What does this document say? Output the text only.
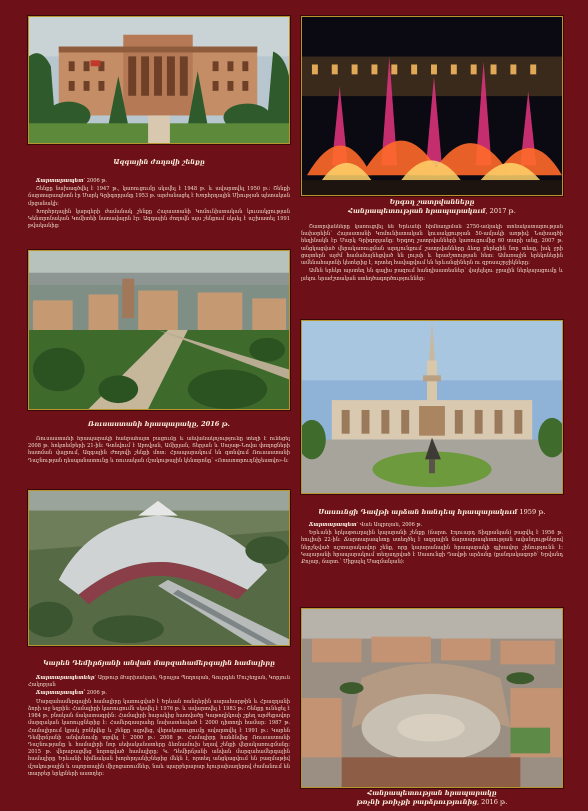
Ազգային ժողովի շենքը

Ճարտարապետ՝ 2006 թ.

Շենքը նախագծվել է 1947 թ., կառուցումը սկսվել է 1948 թ. և ավարտվել 1950 թ.: Շենքի ճարտարապետն էր Մարկ Գրիգորյանը 1953 թ. արժանացել է Խորհրդային Միության պետական մրցանակի:

Խորհրդային կարգերի ժամանակ շենքը Հայաստանի Կոմունիստական կուսակցության Կենտրոնական Կոմիտեի նստավայրն էր: Ազգային ժողովն այս շենքում սկսել է աշխատել 1991 թվականից:

Ռուսաստանի հրապարակը, 2016 թ.

Ռուսաստանի հրապարակի հանրահայտ բացումը և անվանակոչությունը տեղի է ունեցել 2008 թ. հոկտեմբերի 21-ին: Գտնվում է Աբովյան, Ամիրյան, Տերյան և Սայաթ-Նովա փողոցների հատման վայրում, Ազգային Ժողովի շենքի մոտ: Հրապարակում են գտնվում Ռուսաստանի Դաշնության դեսպանատունը և ռուսական մշակութային կենտրոնը՝ «Ռոսսոտրուդնիչեստվո»-ն:

Կարեն Դեմիրճյանի անվան մարզահամերգային համալիրը

Ճարտարապետներ՝ Արթուր Թարխանյան, Գրաչյա Պողոսյան, Գուրգեն Մուշեղյան, Կորյուն Հակոբյան

Ճարտարապետ՝ 2006 թ.

Մարզահամերգային համալիրը կառուցված է Երևան ռանդերին սարահարթին և Հրազդանի ձորի աջ եզրին: Համալիրի կառուցումն սկսվել է 1976 թ. և ավարտվել է 1983 թ.: Շենքը ունեցել է 1984 թ. բնական ճակատագրին: Համալիրի հարակից հատվածը Կաթողիկոսի շքեղ արժեքավոր մարզական կառույցներից է: Համերգասրահը նախատեսված է 2000 դիտողի համար: 1987 թ. Համալիրում կրակ բռնկվեց և շենքը այրվեց, վերակառուցումը ավարտվել է 1991 թ.: Կարեն Դեմիրճյանի անվանումը տրվել է 2000 թ.: 2008 թ. Համալիրը հանձնվեց Ռուսաստանի Դաշնությանը և համալիրի նոր սեփականատերը ձեռնամուխ եղավ շենքի վերակառուցմանը: 2015 թ. վերաբացվեց նորոգված համալիրը: Կ. Դեմիրճյանի անվան մարզահամերգային համալիրը Երևանի հիմնական խորհրդանիշներից մեկն է, որտեղ անցկացվում են բազմաթիվ մշակութային և սպորտային միջոցառումներ, նաև պարբերաբար հյուրախաղերով ժամանում են տարբեր երկրների աստղեր:

Երգող շատրվանները
Հանրապետության հրապարակում, 2017 թ.

Շատրվանները կառուցվել են Երևանի հիմնադրման 2750-ամյակի տոնակատարության նախօրեին՝ Հայաստանի Կոմունիստական կուսակցության 50-ամյակի առթիվ: Նախագծի հեղինակն էր Մարկ Գրիգորյանը: Երգող շատրվանների կառուցումից 60 տարի անց, 2007 թ. անցկացված վերակառուցման արդյունքում շատրվանները ձեռք բերեցին նոր տեսք, իսկ ջրի ցայտերն այժմ համաձայնեցված են լույսի և երաժշտության հետ: Ամառային երեկոներին ամենահայտնի կետերից է, որտեղ հավաքվում են երևանցիներն ու զբոսաշրջիկները:

Ամեն երեկո այստեղ են գալիս բազում հանդիսատեսներ՝ վայելելու ջրային ներկայացումը և լսելու երաժշտական ստեղծագործություններ:

Սասունցի Դավթի արձան հանդեպ հրապարակում 1959 թ.

Ճարտարապետ՝ Վան Ապրոյան, 2006 թ.

Երևանի երկաթուղային կայարանի շենքը (ճարտ. Էդուարդ Տիգրանյան) բացվել է 1956 թ. հուլիսի 22-ին: Ճարտարապետը ստեղծել է ազգային ճարտարապետության ավանդույթներով ներշնչված աշտարակավոր շենք, որը կայարանային հրապարակի գլխավոր շինությունն է: Կայարանի հրապարակում տեղադրված է Սասունցի Դավթի արձանը (քանդակագործ՝ Երվանդ Քոչար, ճարտ.՝ Միքայել Մազմանյան):

Հանրապետության հրապարակը
թռչնի թռիչքի բարձրությունից, 2016 թ.
